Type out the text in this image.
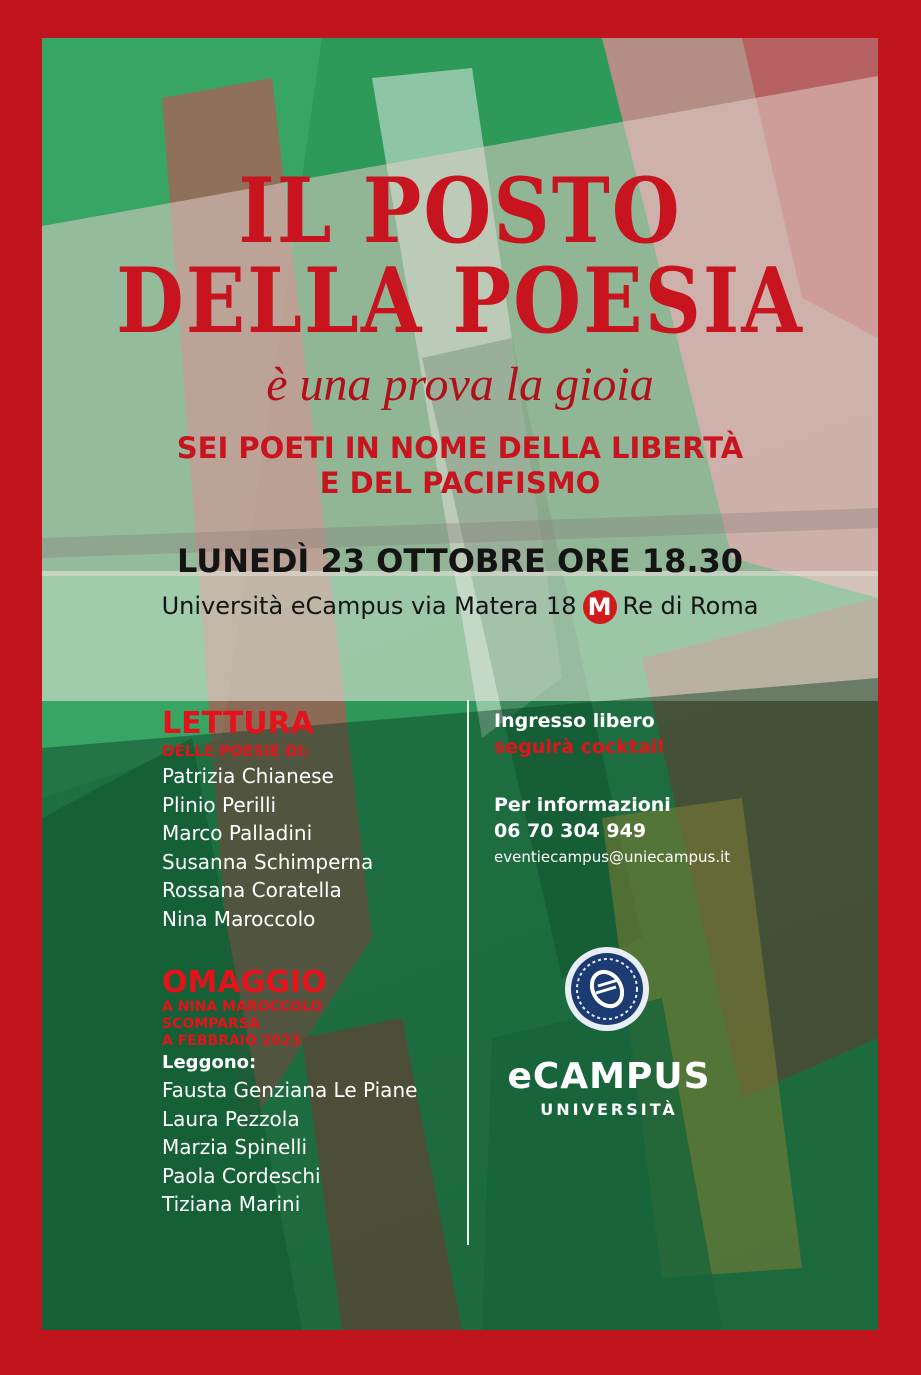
IL POSTO
DELLA POESIA
è una prova la gioia
SEI POETI IN NOME DELLA LIBERTÀ
E DEL PACIFISMO
LUNEDÌ 23 OTTOBRE ORE 18.30
Università eCampus via Matera 18 M Re di Roma
LETTURA
DELLE POESIE DI:
Patrizia Chianese
Plinio Perilli
Marco Palladini
Susanna Schimperna
Rossana Coratella
Nina Maroccolo
OMAGGIO
A NINA MAROCCOLO
SCOMPARSA
A FEBBRAIO 2023
Leggono:
Fausta Genziana Le Piane
Laura Pezzola
Marzia Spinelli
Paola Cordeschi
Tiziana Marini
Ingresso libero
seguirà cocktail
Per informazioni
06 70 304 949
eventiecampus@uniecampus.it
eCAMPUS
UNIVERSITÀ
